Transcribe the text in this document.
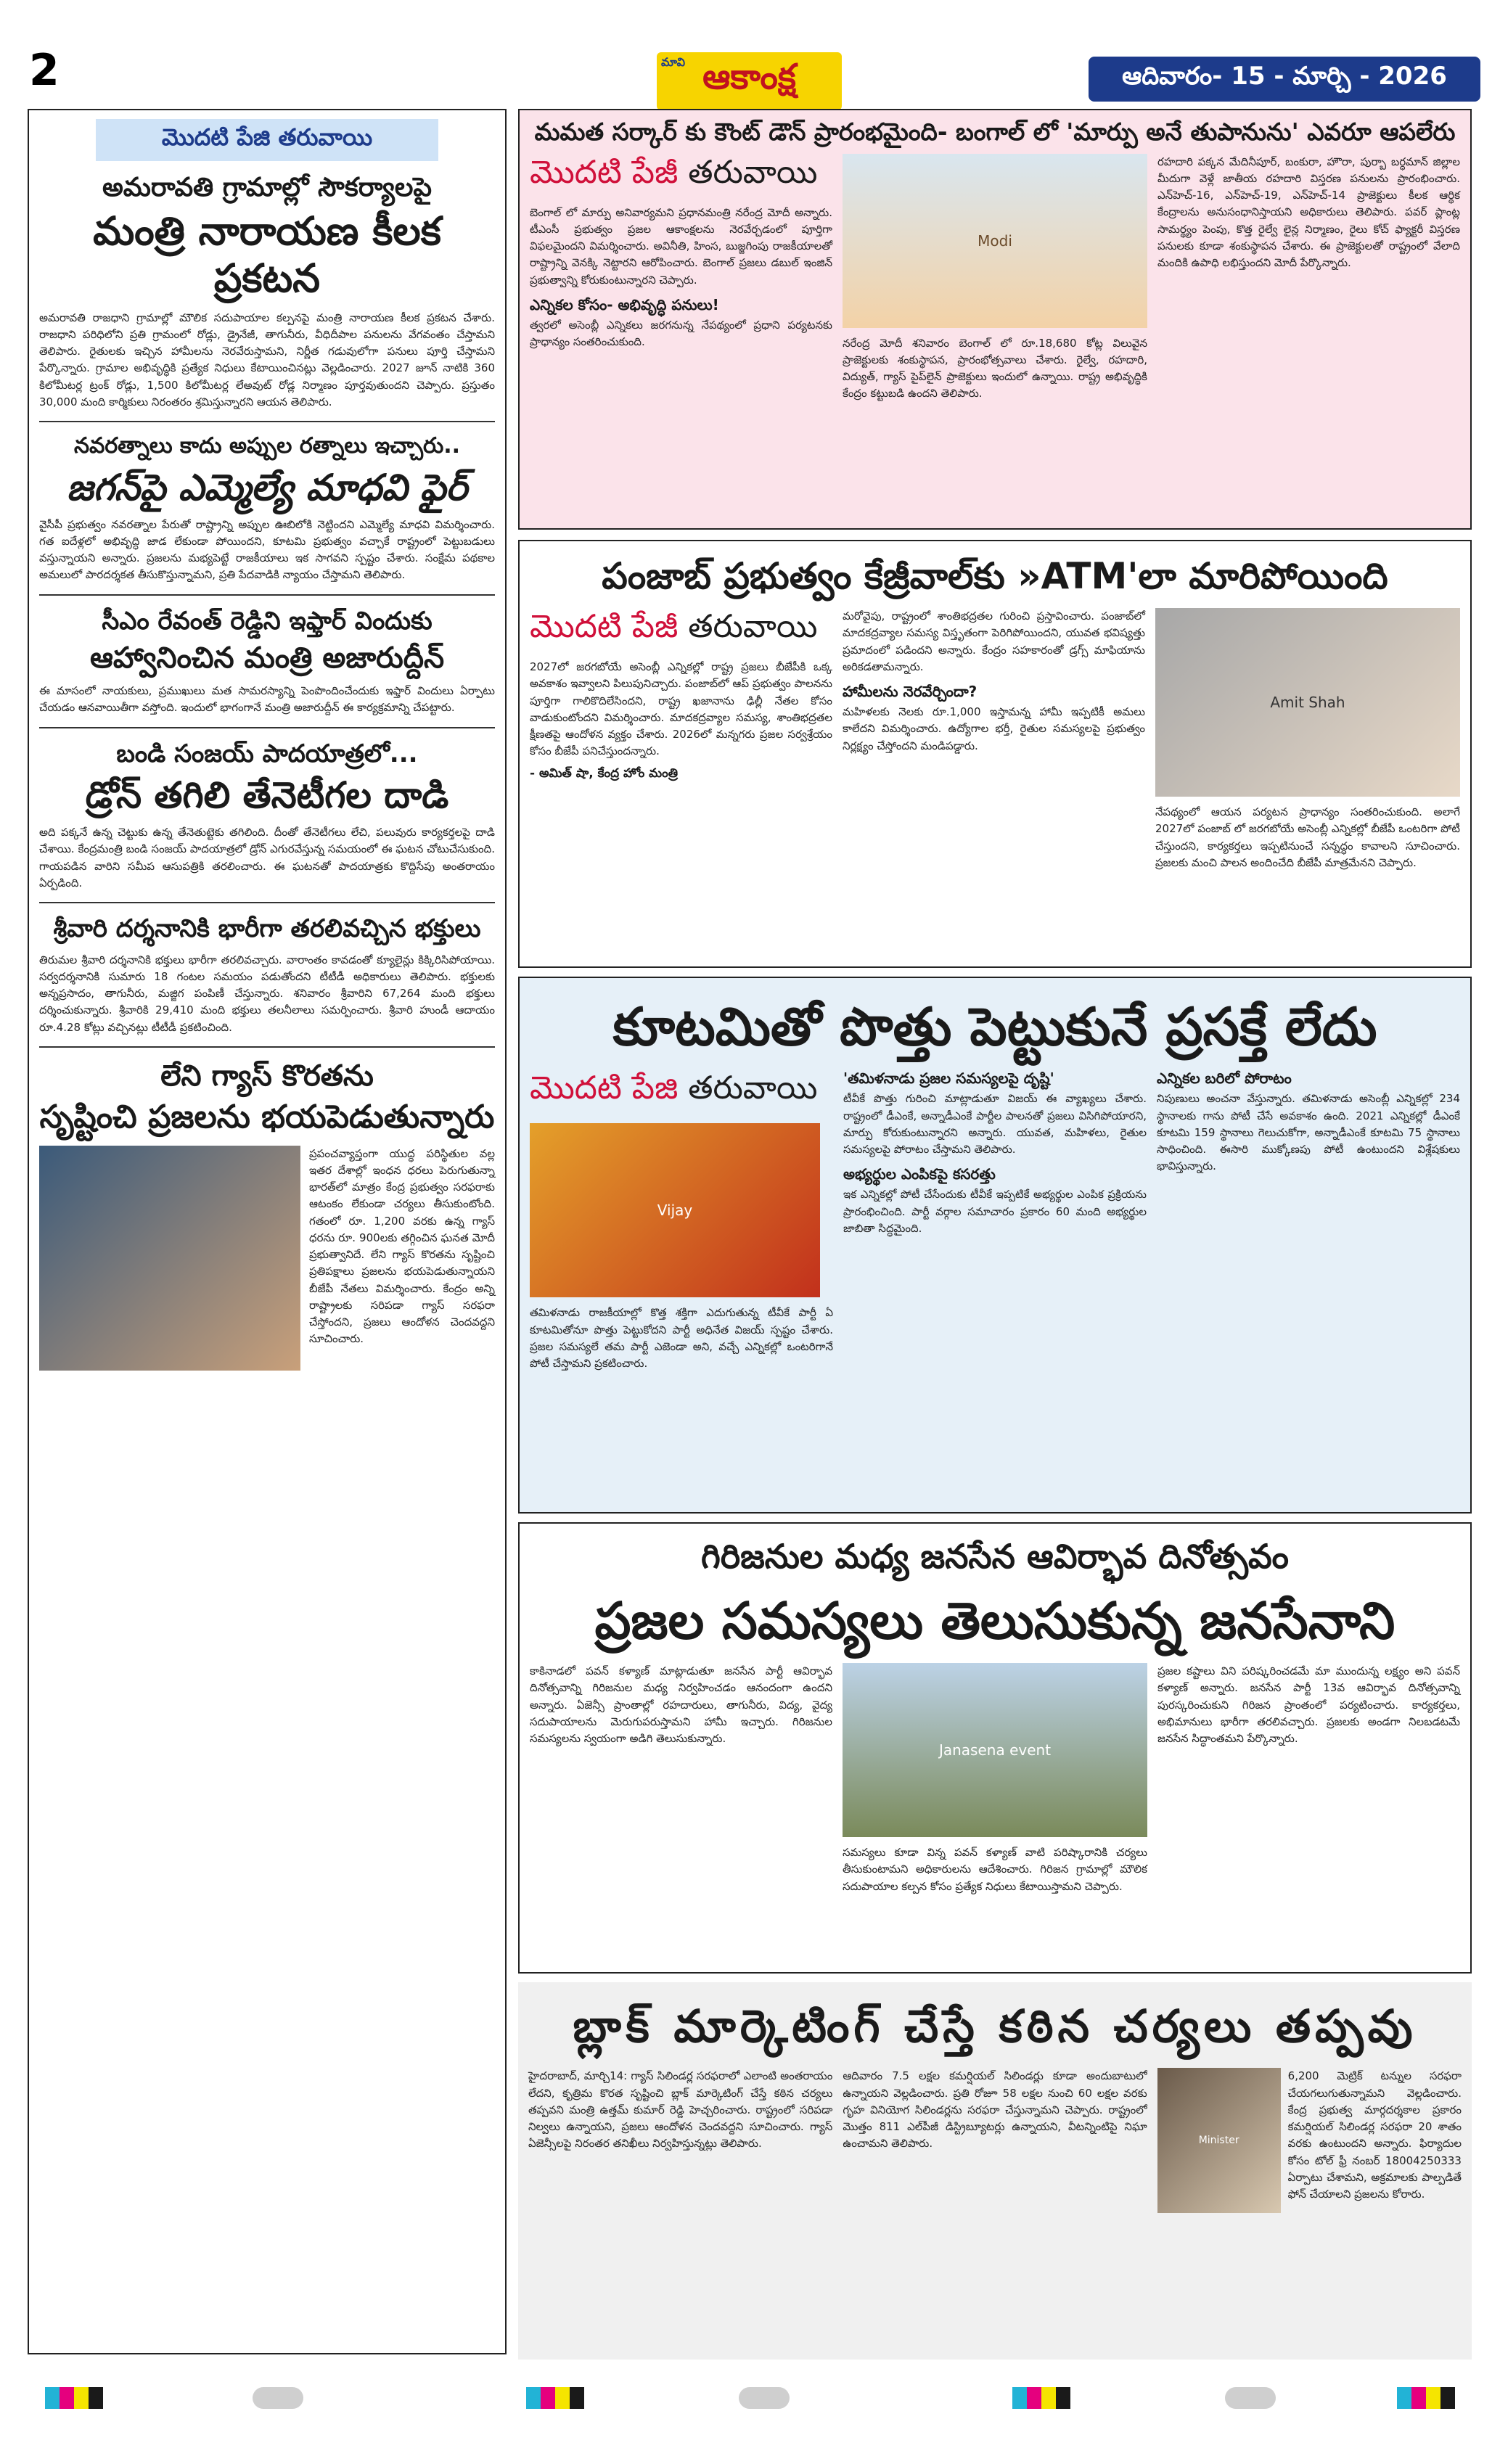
2	మావి ఆకాంక్ష	ఆదివారం- 15 - మార్చి - 2026
మొదటి పేజి తరువాయి
అమరావతి గ్రామాల్లో సౌకర్యాలపై
మంత్రి నారాయణ కీలక ప్రకటన
అమరావతి రాజధాని గ్రామాల్లో మౌలిక సదుపాయాల కల్పనపై మంత్రి నారాయణ కీలక ప్రకటన చేశారు. రాజధాని పరిధిలోని ప్రతి గ్రామంలో రోడ్లు, డ్రైనేజీ, తాగునీరు, వీధిదీపాల పనులను వేగవంతం చేస్తామని తెలిపారు. రైతులకు ఇచ్చిన హామీలను నెరవేరుస్తామని, నిర్ణీత గడువులోగా పనులు పూర్తి చేస్తామని పేర్కొన్నారు. గ్రామాల అభివృద్ధికి ప్రత్యేక నిధులు కేటాయించినట్లు వెల్లడించారు. 2027 జూన్ నాటికి 360 కిలోమీటర్ల ట్రంక్ రోడ్లు, 1,500 కిలోమీటర్ల లేఅవుట్ రోడ్ల నిర్మాణం పూర్తవుతుందని చెప్పారు. ప్రస్తుతం 30,000 మంది కార్మికులు నిరంతరం శ్రమిస్తున్నారని ఆయన తెలిపారు.
నవరత్నాలు కాదు అప్పుల రత్నాలు ఇచ్చారు..
జగన్‌పై ఎమ్మెల్యే మాధవి ఫైర్
వైసీపీ ప్రభుత్వం నవరత్నాల పేరుతో రాష్ట్రాన్ని అప్పుల ఊబిలోకి నెట్టిందని ఎమ్మెల్యే మాధవి విమర్శించారు. గత ఐదేళ్లలో అభివృద్ధి జాడ లేకుండా పోయిందని, కూటమి ప్రభుత్వం వచ్చాకే రాష్ట్రంలో పెట్టుబడులు వస్తున్నాయని అన్నారు. ప్రజలను మభ్యపెట్టే రాజకీయాలు ఇక సాగవని స్పష్టం చేశారు. సంక్షేమ పథకాల అమలులో పారదర్శకత తీసుకొస్తున్నామని, ప్రతి పేదవాడికి న్యాయం చేస్తామని తెలిపారు.
సీఎం రేవంత్ రెడ్డిని ఇఫ్తార్ విందుకు
ఆహ్వానించిన మంత్రి అజారుద్దీన్
ఈ మాసంలో నాయకులు, ప్రముఖులు మత సామరస్యాన్ని పెంపొందించేందుకు ఇఫ్తార్ విందులు ఏర్పాటు చేయడం ఆనవాయితీగా వస్తోంది. ఇందులో భాగంగానే మంత్రి అజారుద్దీన్ ఈ కార్యక్రమాన్ని చేపట్టారు.
బండి సంజయ్ పాదయాత్రలో...
డ్రోన్ తగిలి తేనెటీగల దాడి
అది పక్కనే ఉన్న చెట్టుకు ఉన్న తేనెతుట్టెకు తగిలింది. దీంతో తేనెటీగలు లేచి, పలువురు కార్యకర్తలపై దాడి చేశాయి. కేంద్రమంత్రి బండి సంజయ్ పాదయాత్రలో డ్రోన్ ఎగురవేస్తున్న సమయంలో ఈ ఘటన చోటుచేసుకుంది. గాయపడిన వారిని సమీప ఆసుపత్రికి తరలించారు. ఈ ఘటనతో పాదయాత్రకు కొద్దిసేపు అంతరాయం ఏర్పడింది.
శ్రీవారి దర్శనానికి భారీగా తరలివచ్చిన భక్తులు
తిరుమల శ్రీవారి దర్శనానికి భక్తులు భారీగా తరలివచ్చారు. వారాంతం కావడంతో క్యూలైన్లు కిక్కిరిసిపోయాయి. సర్వదర్శనానికి సుమారు 18 గంటల సమయం పడుతోందని టీటీడీ అధికారులు తెలిపారు. భక్తులకు అన్నప్రసాదం, తాగునీరు, మజ్జిగ పంపిణీ చేస్తున్నారు. శనివారం శ్రీవారిని 67,264 మంది భక్తులు దర్శించుకున్నారు. శ్రీవారికి 29,410 మంది భక్తులు తలనీలాలు సమర్పించారు. శ్రీవారి హుండీ ఆదాయం రూ.4.28 కోట్లు వచ్చినట్లు టీటీడీ ప్రకటించింది.
లేని గ్యాస్ కొరతను
సృష్టించి ప్రజలను భయపెడుతున్నారు
ప్రపంచవ్యాప్తంగా యుద్ధ పరిస్థితుల వల్ల ఇతర దేశాల్లో ఇంధన ధరలు పెరుగుతున్నా భారత్‌లో మాత్రం కేంద్ర ప్రభుత్వం సరఫరాకు ఆటంకం లేకుండా చర్యలు తీసుకుంటోంది. గతంలో రూ. 1,200 వరకు ఉన్న గ్యాస్ ధరను రూ. 900లకు తగ్గించిన ఘనత మోదీ ప్రభుత్వానిదే. లేని గ్యాస్ కొరతను సృష్టించి ప్రతిపక్షాలు ప్రజలను భయపెడుతున్నాయని బీజేపీ నేతలు విమర్శించారు. కేంద్రం అన్ని రాష్ట్రాలకు సరిపడా గ్యాస్ సరఫరా చేస్తోందని, ప్రజలు ఆందోళన చెందవద్దని సూచించారు.
మమత సర్కార్ కు కౌంట్ డౌన్ ప్రారంభమైంది- బంగాల్ లో 'మార్పు అనే తుపానును' ఎవరూ ఆపలేరు
మొదటి పేజీ తరువాయి
బెంగాల్ లో మార్పు అనివార్యమని ప్రధానమంత్రి నరేంద్ర మోదీ అన్నారు. టీఎంసీ ప్రభుత్వం ప్రజల ఆకాంక్షలను నెరవేర్చడంలో పూర్తిగా విఫలమైందని విమర్శించారు. అవినీతి, హింస, బుజ్జగింపు రాజకీయాలతో రాష్ట్రాన్ని వెనక్కి నెట్టారని ఆరోపించారు. బెంగాల్ ప్రజలు డబుల్ ఇంజిన్ ప్రభుత్వాన్ని కోరుకుంటున్నారని చెప్పారు.
ఎన్నికల కోసం- అభివృద్ధి పనులు!
త్వరలో అసెంబ్లీ ఎన్నికలు జరగనున్న నేపథ్యంలో ప్రధాని పర్యటనకు ప్రాధాన్యం సంతరించుకుంది.
Modi
నరేంద్ర మోదీ శనివారం బెంగాల్ లో రూ.18,680 కోట్ల విలువైన ప్రాజెక్టులకు శంకుస్థాపన, ప్రారంభోత్సవాలు చేశారు. రైల్వే, రహదారి, విద్యుత్, గ్యాస్ పైప్‌లైన్ ప్రాజెక్టులు ఇందులో ఉన్నాయి. రాష్ట్ర అభివృద్ధికి కేంద్రం కట్టుబడి ఉందని తెలిపారు.
రహదారి పక్కన మేదినీపూర్, బంకురా, హౌరా, పుర్బా బర్ధమాన్ జిల్లాల మీదుగా వెళ్లే జాతీయ రహదారి విస్తరణ పనులను ప్రారంభించారు. ఎన్‌హెచ్-16, ఎన్‌హెచ్-19, ఎన్‌హెచ్-14 ప్రాజెక్టులు కీలక ఆర్థిక కేంద్రాలను అనుసంధానిస్తాయని అధికారులు తెలిపారు. పవర్ ప్లాంట్ల సామర్థ్యం పెంపు, కొత్త రైల్వే లైన్ల నిర్మాణం, రైలు కోచ్ ఫ్యాక్టరీ విస్తరణ పనులకు కూడా శంకుస్థాపన చేశారు. ఈ ప్రాజెక్టులతో రాష్ట్రంలో వేలాది మందికి ఉపాధి లభిస్తుందని మోదీ పేర్కొన్నారు.
పంజాబ్ ప్రభుత్వం కేజ్రీవాల్‌కు »ATM'లా మారిపోయింది
మొదటి పేజీ తరువాయి
2027లో జరగబోయే అసెంబ్లీ ఎన్నికల్లో రాష్ట్ర ప్రజలు బీజేపీకి ఒక్క అవకాశం ఇవ్వాలని పిలుపునిచ్చారు. పంజాబ్‌లో ఆప్ ప్రభుత్వం పాలనను పూర్తిగా గాలికొదిలేసిందని, రాష్ట్ర ఖజానాను ఢిల్లీ నేతల కోసం వాడుకుంటోందని విమర్శించారు. మాదకద్రవ్యాల సమస్య, శాంతిభద్రతల క్షీణతపై ఆందోళన వ్యక్తం చేశారు. 2026లో మన్నగరు ప్రజల సర్వశ్రేయం కోసం బీజేపీ పనిచేస్తుందన్నారు.
- అమిత్ షా, కేంద్ర హోం మంత్రి
మరోవైపు, రాష్ట్రంలో శాంతిభద్రతల గురించి ప్రస్తావించారు. పంజాబ్‌లో మాదకద్రవ్యాల సమస్య విస్తృతంగా పెరిగిపోయిందని, యువత భవిష్యత్తు ప్రమాదంలో పడిందని అన్నారు. కేంద్రం సహకారంతో డ్రగ్స్ మాఫియాను అరికడతామన్నారు.
హామీలను నెరవేర్చిందా?
మహిళలకు నెలకు రూ.1,000 ఇస్తామన్న హామీ ఇప్పటికీ అమలు కాలేదని విమర్శించారు. ఉద్యోగాల భర్తీ, రైతుల సమస్యలపై ప్రభుత్వం నిర్లక్ష్యం చేస్తోందని మండిపడ్డారు.
Amit Shah
నేపథ్యంలో ఆయన పర్యటన ప్రాధాన్యం సంతరించుకుంది. అలాగే 2027లో పంజాబ్ లో జరగబోయే అసెంబ్లీ ఎన్నికల్లో బీజేపీ ఒంటరిగా పోటీ చేస్తుందని, కార్యకర్తలు ఇప్పటినుంచే సన్నద్ధం కావాలని సూచించారు. ప్రజలకు మంచి పాలన అందించేది బీజేపీ మాత్రమేనని చెప్పారు.
కూటమితో పొత్తు పెట్టుకునే ప్రసక్తే లేదు
మొదటి పేజి తరువాయి
Vijay
తమిళనాడు రాజకీయాల్లో కొత్త శక్తిగా ఎదుగుతున్న టీవీకే పార్టీ ఏ కూటమితోనూ పొత్తు పెట్టుకోదని పార్టీ అధినేత విజయ్ స్పష్టం చేశారు. ప్రజల సమస్యలే తమ పార్టీ ఎజెండా అని, వచ్చే ఎన్నికల్లో ఒంటరిగానే పోటీ చేస్తామని ప్రకటించారు.
'తమిళనాడు ప్రజల సమస్యలపై దృష్టి'
టీవీకే పొత్తు గురించి మాట్లాడుతూ విజయ్ ఈ వ్యాఖ్యలు చేశారు. రాష్ట్రంలో డీఎంకే, అన్నాడీఎంకే పార్టీల పాలనతో ప్రజలు విసిగిపోయారని, మార్పు కోరుకుంటున్నారని అన్నారు. యువత, మహిళలు, రైతుల సమస్యలపై పోరాటం చేస్తామని తెలిపారు.
అభ్యర్థుల ఎంపికపై కసరత్తు
ఇక ఎన్నికల్లో పోటీ చేసేందుకు టీవీకే ఇప్పటికే అభ్యర్థుల ఎంపిక ప్రక్రియను ప్రారంభించింది. పార్టీ వర్గాల సమాచారం ప్రకారం 60 మంది అభ్యర్థుల జాబితా సిద్ధమైంది.
ఎన్నికల బరిలో పోరాటం
నిపుణులు అంచనా వేస్తున్నారు. తమిళనాడు అసెంబ్లీ ఎన్నికల్లో 234 స్థానాలకు గాను పోటీ చేసే అవకాశం ఉంది. 2021 ఎన్నికల్లో డీఎంకే కూటమి 159 స్థానాలు గెలుచుకోగా, అన్నాడీఎంకే కూటమి 75 స్థానాలు సాధించింది. ఈసారి ముక్కోణపు పోటీ ఉంటుందని విశ్లేషకులు భావిస్తున్నారు.
గిరిజనుల మధ్య జనసేన ఆవిర్భావ దినోత్సవం
ప్రజల సమస్యలు తెలుసుకున్న జనసేనాని
కాకినాడలో పవన్ కళ్యాణ్ మాట్లాడుతూ జనసేన పార్టీ ఆవిర్భావ దినోత్సవాన్ని గిరిజనుల మధ్య నిర్వహించడం ఆనందంగా ఉందని అన్నారు. ఏజెన్సీ ప్రాంతాల్లో రహదారులు, తాగునీరు, విద్య, వైద్య సదుపాయాలను మెరుగుపరుస్తామని హామీ ఇచ్చారు. గిరిజనుల సమస్యలను స్వయంగా అడిగి తెలుసుకున్నారు.
Janasena event
సమస్యలు కూడా విన్న పవన్ కళ్యాణ్ వాటి పరిష్కారానికి చర్యలు తీసుకుంటామని అధికారులను ఆదేశించారు. గిరిజన గ్రామాల్లో మౌలిక సదుపాయాల కల్పన కోసం ప్రత్యేక నిధులు కేటాయిస్తామని చెప్పారు.
ప్రజల కష్టాలు విని పరిష్కరించడమే మా ముందున్న లక్ష్యం అని పవన్ కళ్యాణ్ అన్నారు. జనసేన పార్టీ 13వ ఆవిర్భావ దినోత్సవాన్ని పురస్కరించుకుని గిరిజన ప్రాంతంలో పర్యటించారు. కార్యకర్తలు, అభిమానులు భారీగా తరలివచ్చారు. ప్రజలకు అండగా నిలబడటమే జనసేన సిద్ధాంతమని పేర్కొన్నారు.
బ్లాక్ మార్కెటింగ్ చేస్తే కఠిన చర్యలు తప్పవు
హైదరాబాద్, మార్చి14: గ్యాస్ సిలిండర్ల సరఫరాలో ఎలాంటి అంతరాయం లేదని, కృత్రిమ కొరత సృష్టించి బ్లాక్ మార్కెటింగ్ చేస్తే కఠిన చర్యలు తప్పవని మంత్రి ఉత్తమ్ కుమార్ రెడ్డి హెచ్చరించారు. రాష్ట్రంలో సరిపడా నిల్వలు ఉన్నాయని, ప్రజలు ఆందోళన చెందవద్దని సూచించారు. గ్యాస్ ఏజెన్సీలపై నిరంతర తనిఖీలు నిర్వహిస్తున్నట్లు తెలిపారు.
ఆదివారం 7.5 లక్షల కమర్షియల్ సిలిండర్లు కూడా అందుబాటులో ఉన్నాయని వెల్లడించారు. ప్రతి రోజూ 58 లక్షల నుంచి 60 లక్షల వరకు గృహ వినియోగ సిలిండర్లను సరఫరా చేస్తున్నామని చెప్పారు. రాష్ట్రంలో మొత్తం 811 ఎల్‌పీజీ డిస్ట్రిబ్యూటర్లు ఉన్నాయని, వీటన్నింటిపై నిఘా ఉంచామని తెలిపారు.	Minister
6,200 మెట్రిక్ టన్నుల సరఫరా చేయగలుగుతున్నామని వెల్లడించారు. కేంద్ర ప్రభుత్వ మార్గదర్శకాల ప్రకారం కమర్షియల్ సిలిండర్ల సరఫరా 20 శాతం వరకు ఉంటుందని అన్నారు. ఫిర్యాదుల కోసం టోల్ ఫ్రీ నంబర్ 18004250333 ఏర్పాటు చేశామని, అక్రమాలకు పాల్పడితే ఫోన్ చేయాలని ప్రజలను కోరారు.
